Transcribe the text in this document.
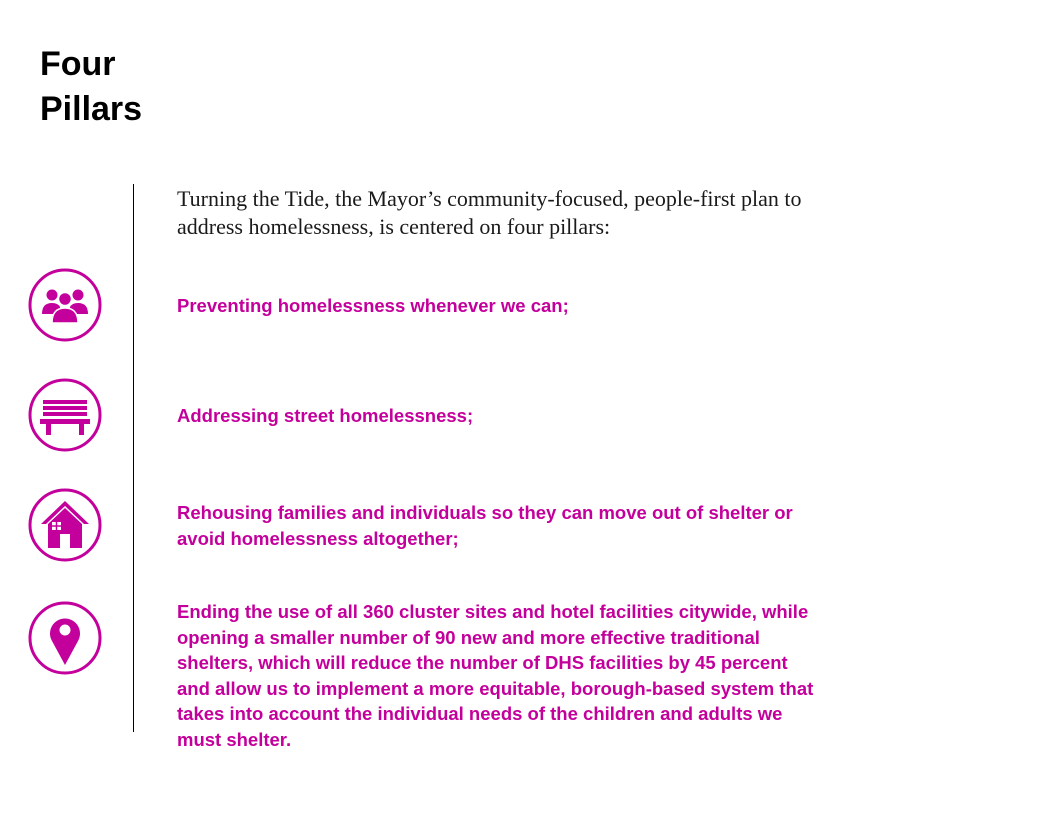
Four
Pillars

Turning the Tide, the Mayor’s community-focused, people-first plan to
address homelessness, is centered on four pillars:

Preventing homelessness whenever we can;

Addressing street homelessness;

Rehousing families and individuals so they can move out of shelter or
avoid homelessness altogether;

Ending the use of all 360 cluster sites and hotel facilities citywide, while
opening a smaller number of 90 new and more effective traditional
shelters, which will reduce the number of DHS facilities by 45 percent
and allow us to implement a more equitable, borough-based system that
takes into account the individual needs of the children and adults we
must shelter.
